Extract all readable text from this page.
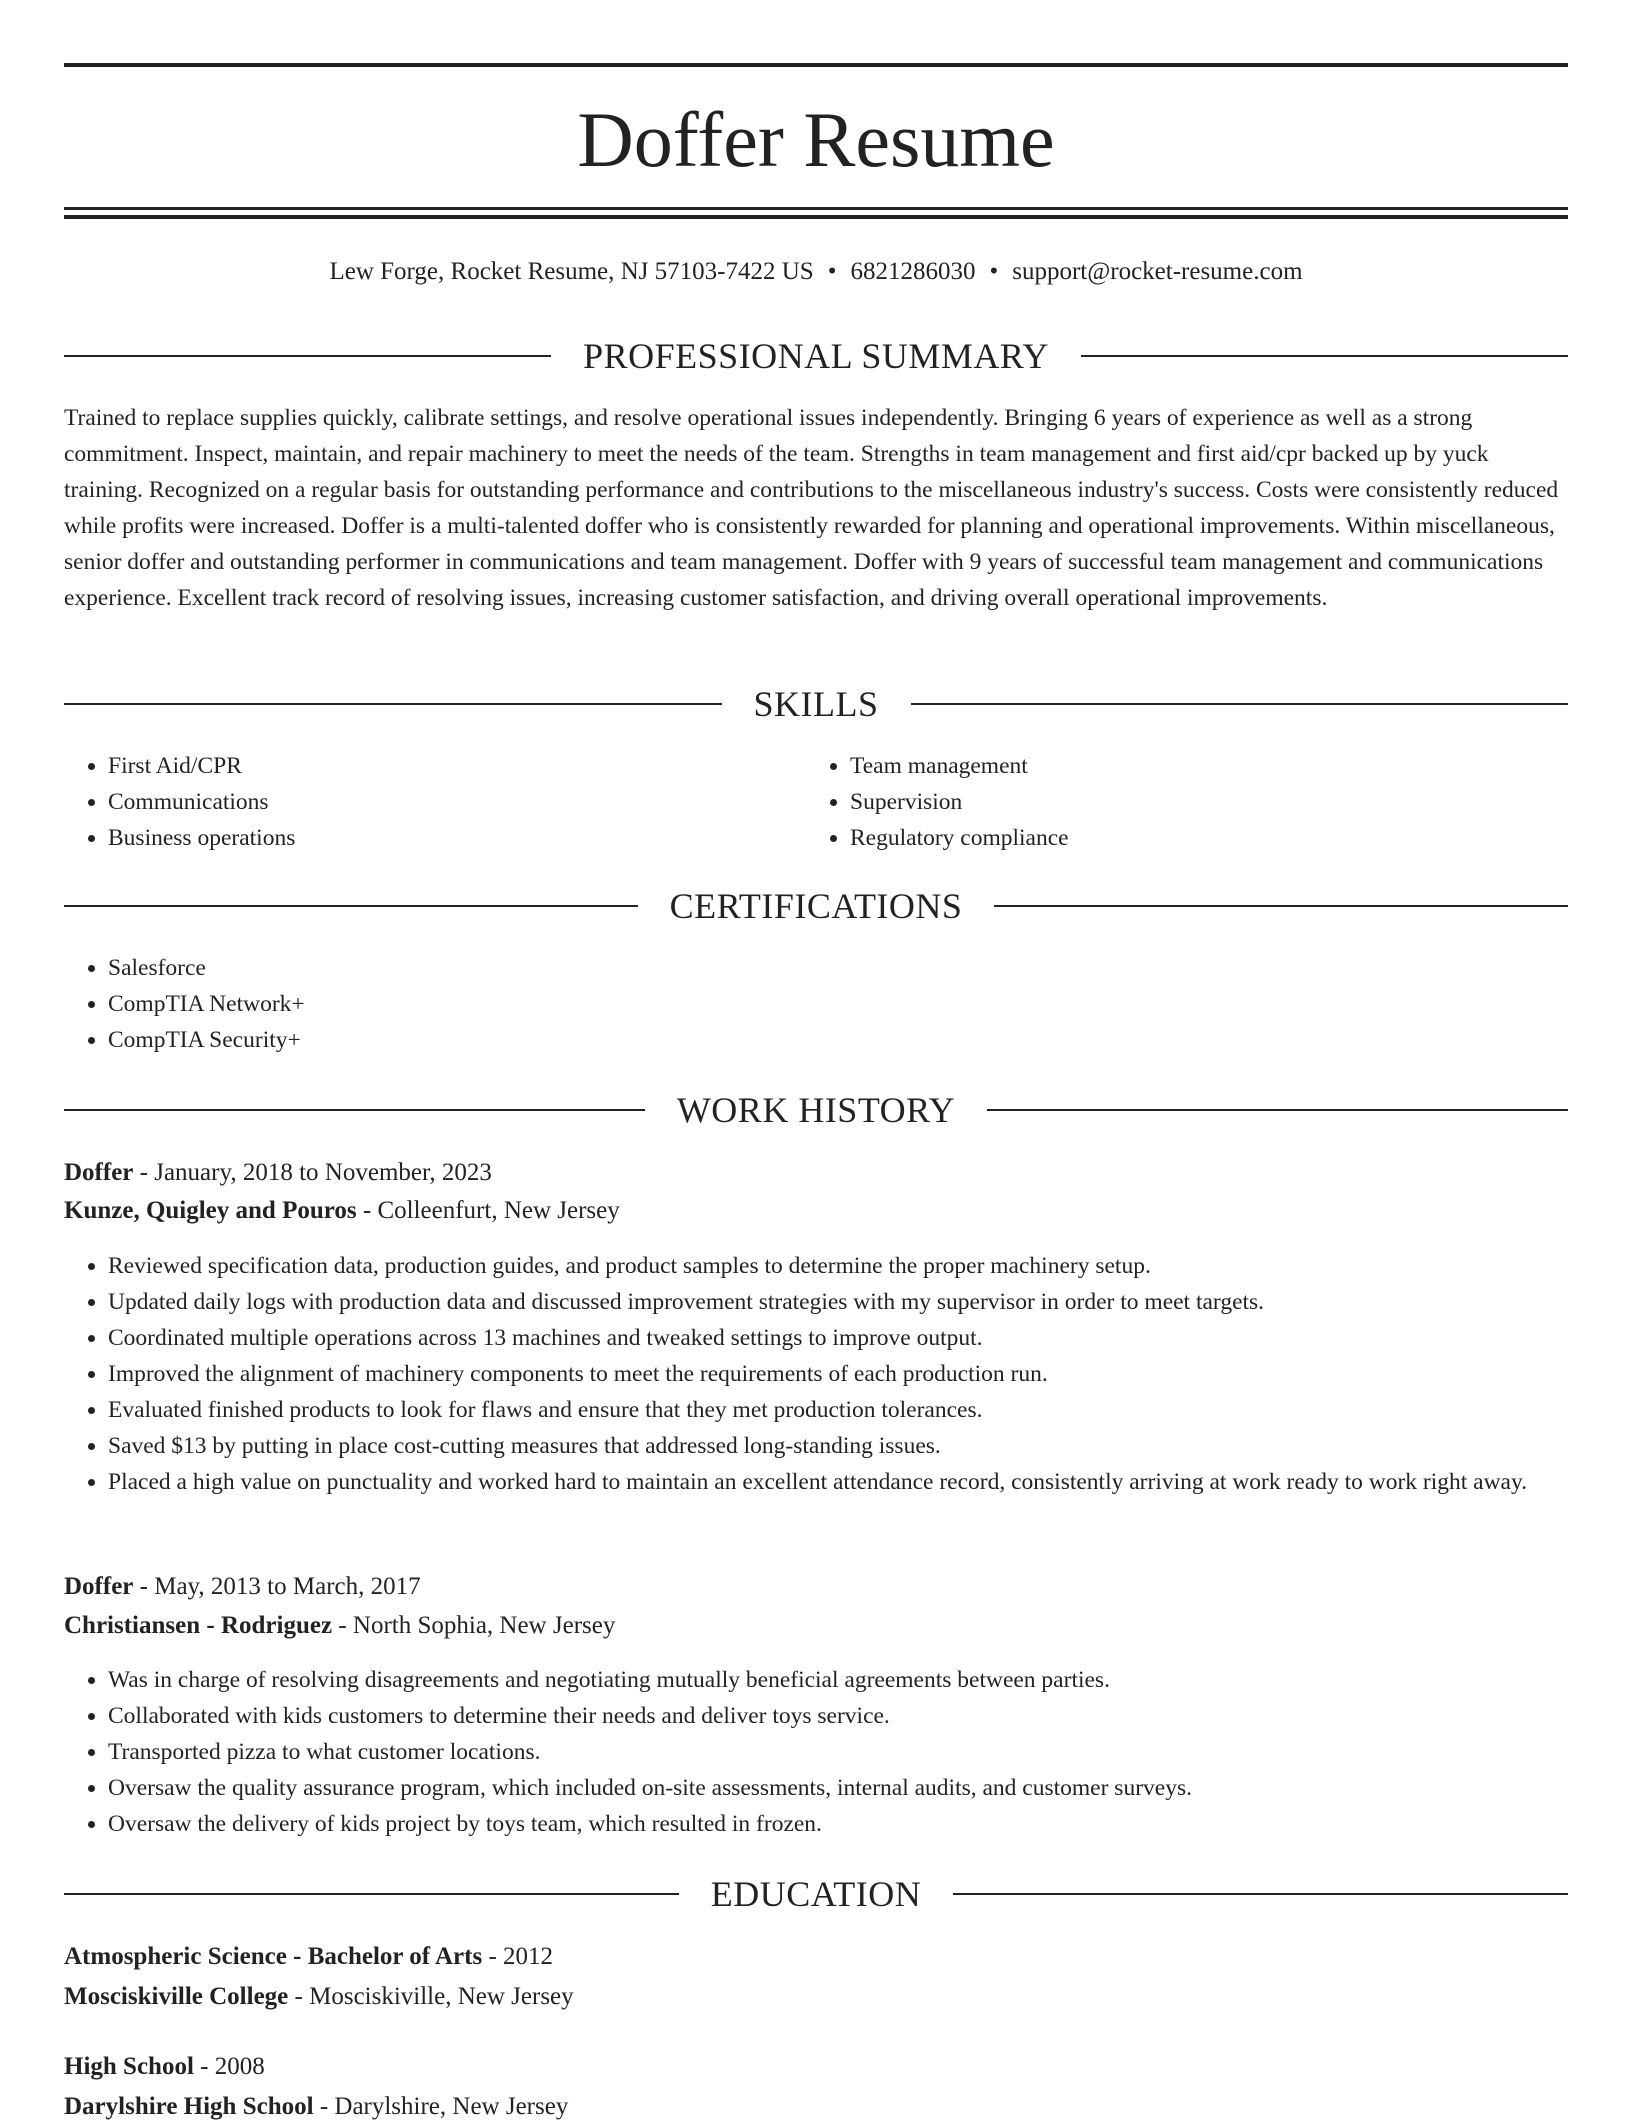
Doffer Resume
Lew Forge, Rocket Resume, NJ 57103-7422 US • 6821286030 • support@rocket-resume.com
PROFESSIONAL SUMMARY

Trained to replace supplies quickly, calibrate settings, and resolve operational issues independently. Bringing 6 years of experience as well as a strong commitment. Inspect, maintain, and repair machinery to meet the needs of the team. Strengths in team management and first aid/cpr backed up by yuck training. Recognized on a regular basis for outstanding performance and contributions to the miscellaneous industry's success. Costs were consistently reduced while profits were increased. Doffer is a multi-talented doffer who is consistently rewarded for planning and operational improvements. Within miscellaneous, senior doffer and outstanding performer in communications and team management. Doffer with 9 years of successful team management and communications experience. Excellent track record of resolving issues, increasing customer satisfaction, and driving overall operational improvements.

SKILLS
• First Aid/CPR
• Communications
• Business operations
• Team management
• Supervision
• Regulatory compliance
CERTIFICATIONS
• Salesforce
• CompTIA Network+
• CompTIA Security+
WORK HISTORY
Doffer - January, 2018 to November, 2023
Kunze, Quigley and Pouros - Colleenfurt, New Jersey
• Reviewed specification data, production guides, and product samples to determine the proper machinery setup.
• Updated daily logs with production data and discussed improvement strategies with my supervisor in order to meet targets.
• Coordinated multiple operations across 13 machines and tweaked settings to improve output.
• Improved the alignment of machinery components to meet the requirements of each production run.
• Evaluated finished products to look for flaws and ensure that they met production tolerances.
• Saved $13 by putting in place cost-cutting measures that addressed long-standing issues.
• Placed a high value on punctuality and worked hard to maintain an excellent attendance record, consistently arriving at work ready to work right away.
Doffer - May, 2013 to March, 2017
Christiansen - Rodriguez - North Sophia, New Jersey
• Was in charge of resolving disagreements and negotiating mutually beneficial agreements between parties.
• Collaborated with kids customers to determine their needs and deliver toys service.
• Transported pizza to what customer locations.
• Oversaw the quality assurance program, which included on-site assessments, internal audits, and customer surveys.
• Oversaw the delivery of kids project by toys team, which resulted in frozen.
EDUCATION
Atmospheric Science - Bachelor of Arts - 2012
Mosciskiville College - Mosciskiville, New Jersey
High School - 2008
Darylshire High School - Darylshire, New Jersey
